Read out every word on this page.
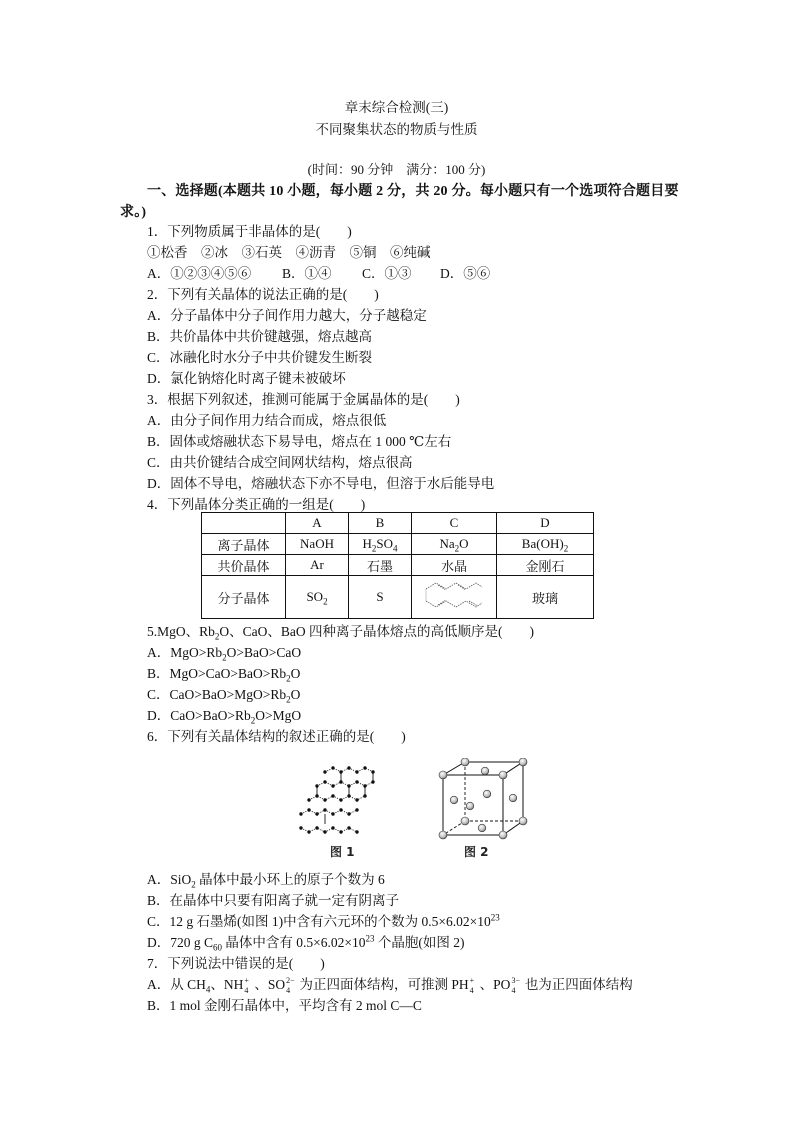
章末综合检测(三)
不同聚集状态的物质与性质
(时间：90 分钟　满分：100 分)
一、选择题(本题共 10 小题，每小题 2 分，共 20 分。每小题只有一个选项符合题目要求。)
1．下列物质属于非晶体的是(　　)
①松香　②冰　③石英　④沥青　⑤铜　⑥纯碱
A．①②③④⑤⑥ B．①④ C．①③ D．⑤⑥
2．下列有关晶体的说法正确的是(　　)
A．分子晶体中分子间作用力越大，分子越稳定
B．共价晶体中共价键越强，熔点越高
C．冰融化时水分子中共价键发生断裂
D．氯化钠熔化时离子键未被破坏
3．根据下列叙述，推测可能属于金属晶体的是(　　)
A．由分子间作用力结合而成，熔点很低
B．固体或熔融状态下易导电，熔点在 1 000 ℃左右
C．由共价键结合成空间网状结构，熔点很高
D．固体不导电，熔融状态下亦不导电，但溶于水后能导电
4．下列晶体分类正确的一组是(　　)
	A	B	C	D
离子晶体	NaOH	$H_2SO_4$	$Na_2O$	$Ba(OH)_2$
共价晶体	Ar	石墨	水晶	金刚石
分子晶体	$SO_2$	S		玻璃
5.MgO、$Rb_2O$、CaO、BaO 四种离子晶体熔点的高低顺序是(　　)
A．$MgO>Rb_2O>BaO>CaO$
B．$MgO>CaO>BaO>Rb_2O$
C．$CaO>BaO>MgO>Rb_2O$
D．$CaO>BaO>Rb_2O>MgO$
6．下列有关晶体结构的叙述正确的是(　　)
图 1	图 2
A．SiO$_2$ 晶体中最小环上的原子个数为 6
B．在晶体中只要有阳离子就一定有阴离子
C．12 g 石墨烯(如图 1)中含有六元环的个数为 $0.5\times 6.02\times 10^{23}$
D．720 g $C_{60}$ 晶体中含有 $0.5\times 6.02\times 10^{23}$ 个晶胞(如图 2)
7．下列说法中错误的是(　　)
A．从 $CH_4$、NH +
4 、SO 2−
4 为正四面体结构，可推测 PH +
4 、PO 3−
4 也为正四面体结构
B．1 mol 金刚石晶体中，平均含有 2 mol C—C
